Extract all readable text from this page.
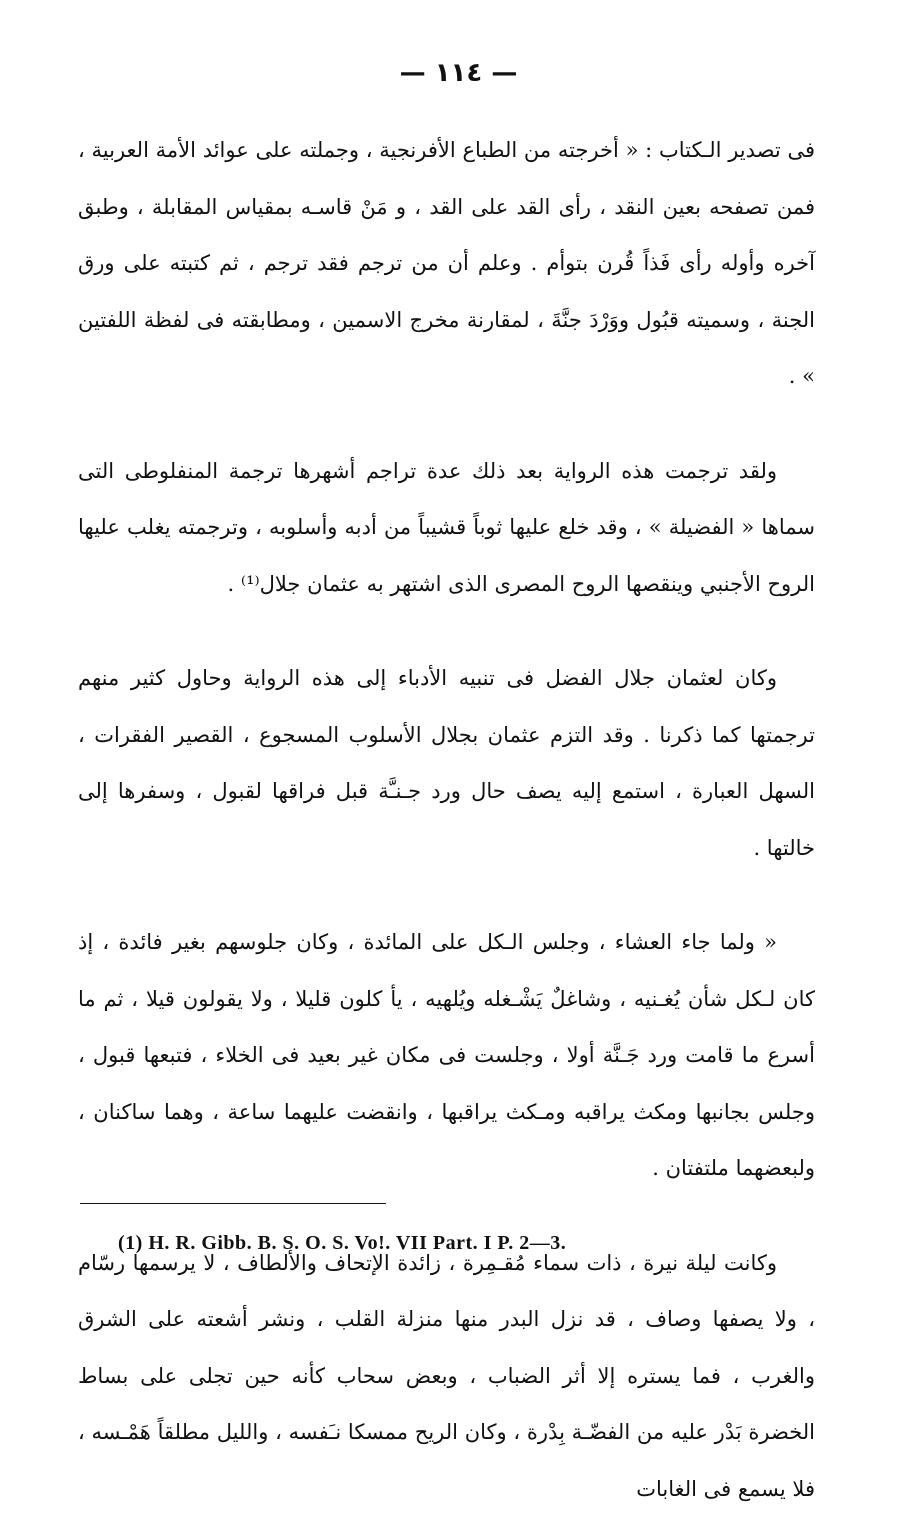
— ١١٤ —

فى تصدير الـكتاب : « أخرجته من الطباع الأفرنجية ، وجملته على عوائد الأمة العربية ، فمن تصفحه بعين النقد ، رأى القد على القد ، و مَنْ قاسـه بمقياس المقابلة ، وطبق آخره وأوله رأى فَذاً قُرن بتوأم . وعلم أن من ترجم فقد ترجم ، ثم كتبته على ورق الجنة ، وسميته قبُول ووَرْدَ جنَّةَ ، لمقارنة مخرج الاسمين ، ومطابقته فى لفظة اللفتين » .

ولقد ترجمت هذه الرواية بعد ذلك عدة تراجم أشهرها ترجمة المنفلوطى التى سماها « الفضيلة » ، وقد خلع عليها ثوباً قشيباً من أدبه وأسلوبه ، وترجمته يغلب عليها الروح الأجنبي وينقصها الروح المصرى الذى اشتهر به عثمان جلال⁽¹⁾ .

وكان لعثمان جلال الفضل فى تنبيه الأدباء إلى هذه الرواية وحاول كثير منهم ترجمتها كما ذكرنا . وقد التزم عثمان بجلال الأسلوب المسجوع ، القصير الفقرات ، السهل العبارة ، استمع إليه يصف حال ورد جـنـَّة قبل فراقها لقبول ، وسفرها إلى خالتها .

« ولما جاء العشاء ، وجلس الـكل على المائدة ، وكان جلوسهم بغير فائدة ، إذ كان لـكل شأن يُغـنيه ، وشاغلٌ يَشْـغله ويُلهيه ، يأ كلون قليلا ، ولا يقولون قيلا ، ثم ما أسرع ما قامت ورد جَـنَّة أولا ، وجلست فى مكان غير بعيد فى الخلاء ، فتبعها قبول ، وجلس بجانبها ومكث يراقبه ومـكث يراقبها ، وانقضت عليهما ساعة ، وهما ساكنان ، ولبعضهما ملتفتان .

وكانت ليلة نيرة ، ذات سماء مُقـمِرة ، زائدة الإتحاف والألطاف ، لا يرسمها رسّام ، ولا يصفها وصاف ، قد نزل البدر منها منزلة القلب ، ونشر أشعته على الشرق والغرب ، فما يستره إلا أثر الضباب ، وبعض سحاب كأنه حين تجلى على بساط الخضرة بَدْر عليه من الفضّـة بِدْرة ، وكان الريح ممسكا نـَفسه ، والليل مطلقاً هَمْـسه ، فلا يسمع فى الغابات

(1) H. R. Gibb. B. S. O. S. Vo!. VII Part. I P. 2—3.
